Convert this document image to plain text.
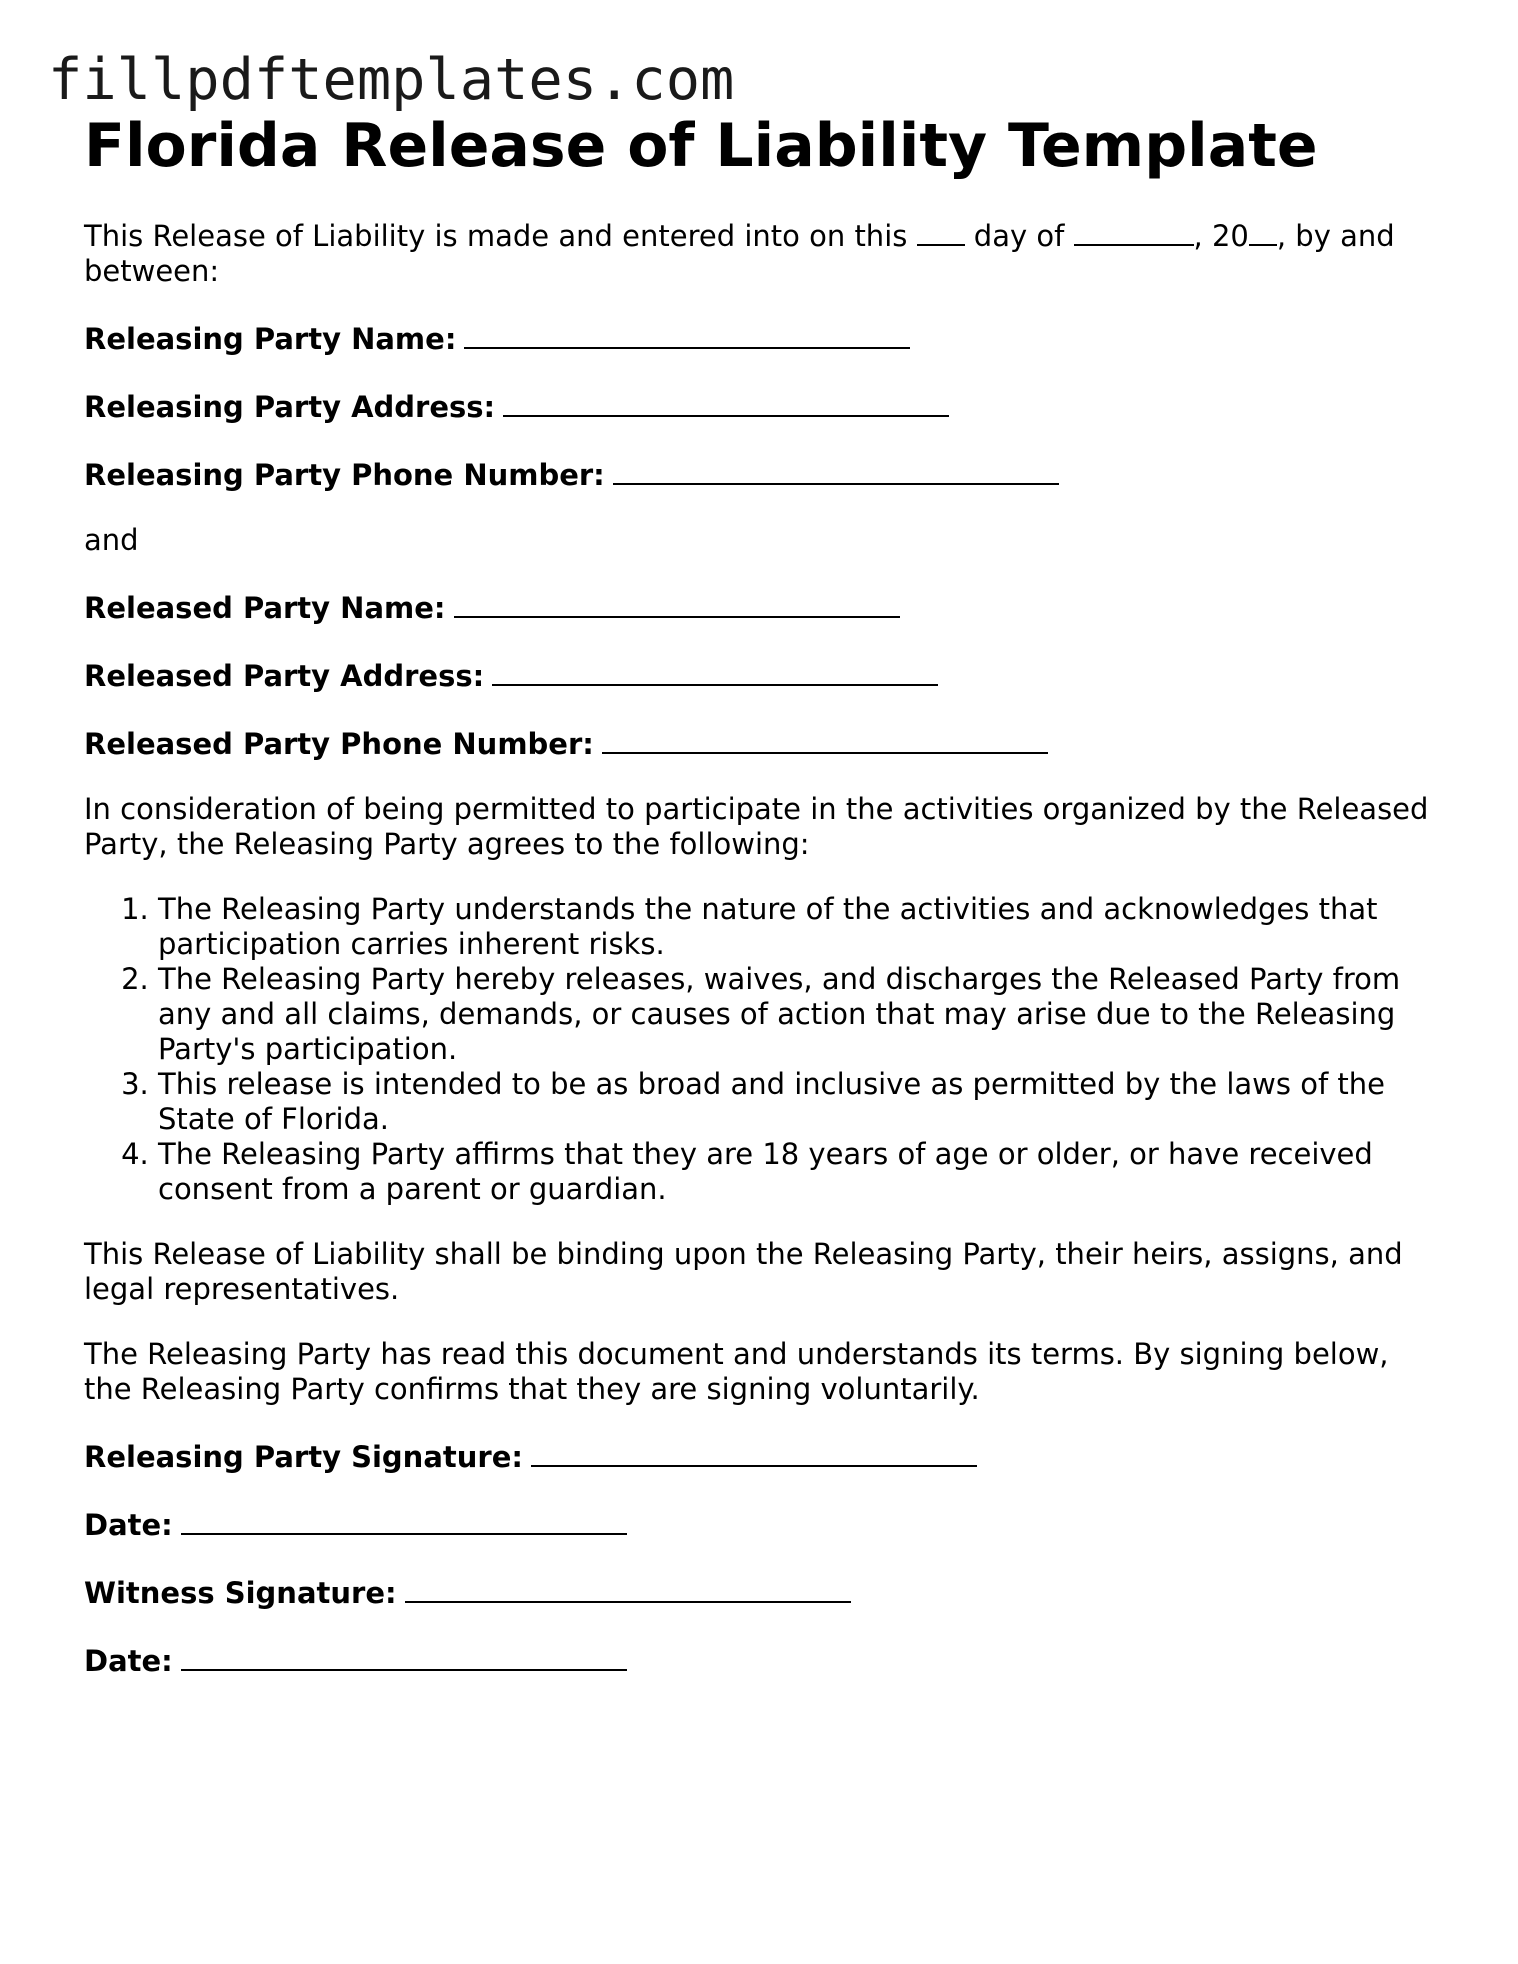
fillpdftemplates.com
Florida Release of Liability Template

This Release of Liability is made and entered into on this day of	, 20 , by and between:

Releasing Party Name:
Releasing Party Address:
Releasing Party Phone Number:

and

Released Party Name:
Released Party Address:
Released Party Phone Number:

In consideration of being permitted to participate in the activities organized by the Released Party, the Releasing Party agrees to the following:

1. The Releasing Party understands the nature of the activities and acknowledges that participation carries inherent risks.
2. The Releasing Party hereby releases, waives, and discharges the Released Party from any and all claims, demands, or causes of action that may arise due to the Releasing Party's participation.
3. This release is intended to be as broad and inclusive as permitted by the laws of the State of Florida.
4. The Releasing Party affirms that they are 18 years of age or older, or have received consent from a parent or guardian.

This Release of Liability shall be binding upon the Releasing Party, their heirs, assigns, and legal representatives.

The Releasing Party has read this document and understands its terms. By signing below, the Releasing Party confirms that they are signing voluntarily.

Releasing Party Signature:
Date:
Witness Signature:
Date:
